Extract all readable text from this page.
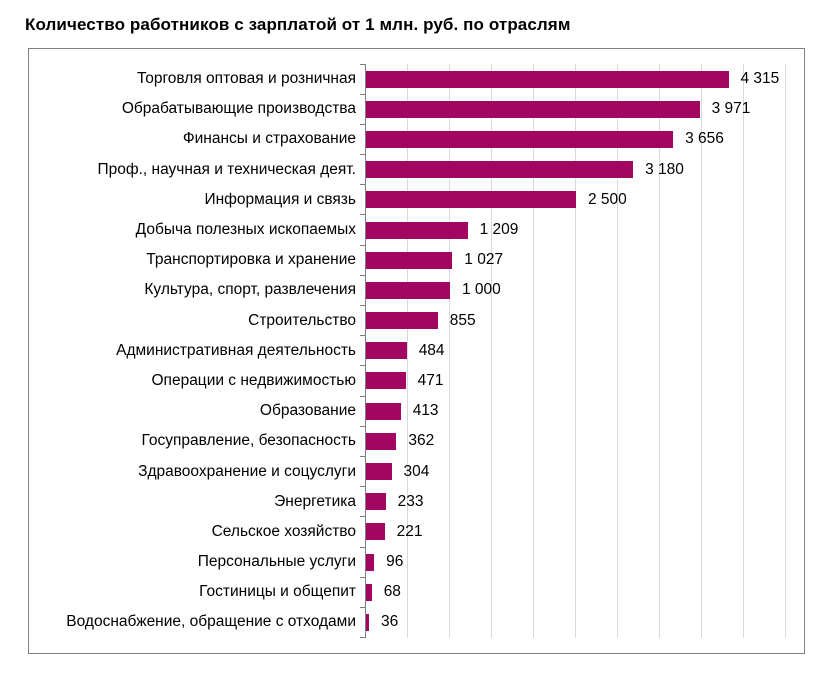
Количество работников с зарплатой от 1 млн. руб. по отраслям
Торговля оптовая и розничная	4 315
Обрабатывающие производства	3 971
Финансы и страхование	3 656
Проф., научная и техническая деят.	3 180
Информация и связь	2 500
Добыча полезных ископаемых	1 209
Транспортировка и хранение	1 027
Культура, спорт, развлечения	1 000
Строительство	855
Административная деятельность	484
Операции с недвижимостью	471
Образование	413
Госуправление, безопасность	362
Здравоохранение и соцуслуги	304
Энергетика	233
Сельское хозяйство	221
Персональные услуги	96
Гостиницы и общепит	68
Водоснабжение, обращение с отходами	36
